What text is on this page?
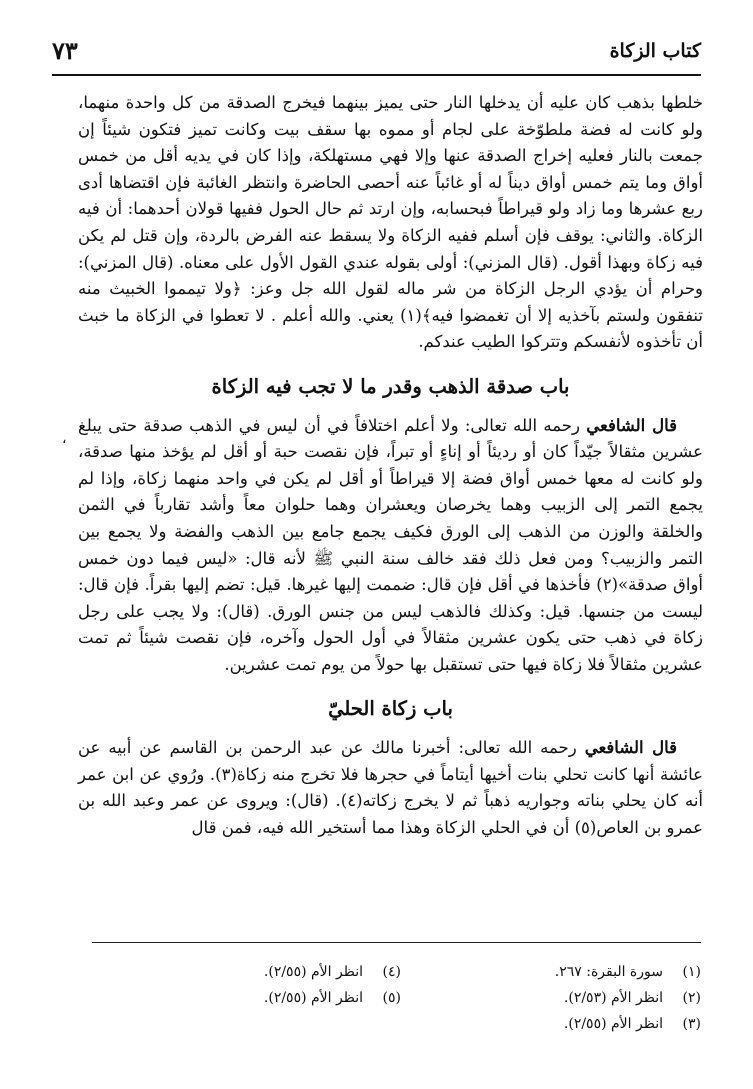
كتاب الزكاة
٧٣
،

خلطها بذهب كان عليه أن يدخلها النار حتى يميز بينهما فيخرج الصدقة من كل واحدة منهما، ولو كانت له فضة ملطوّخة على لجام أو مموه بها سقف بيت وكانت تميز فتكون شيئاً إن جمعت بالنار فعليه إخراج الصدقة عنها وإلا فهي مستهلكة، وإذا كان في يديه أقل من خمس أواق وما يتم خمس أواق ديناً له أو غائباً عنه أحصى الحاضرة وانتظر الغائبة فإن اقتضاها أدى ربع عشرها وما زاد ولو قيراطاً فبحسابه، وإن ارتد ثم حال الحول ففيها قولان أحدهما: أن فيه الزكاة. والثاني: يوقف فإن أسلم ففيه الزكاة ولا يسقط عنه الفرض بالردة، وإن قتل لم يكن فيه زكاة وبهذا أقول. (قال المزني): أولى بقوله عندي القول الأول على معناه. (قال المزني): وحرام أن يؤدي الرجل الزكاة من شر ماله لقول الله جل وعز: ﴿ولا تيمموا الخبيث منه تنفقون ولستم بآخذيه إلا أن تغمضوا فيه﴾(١) يعني. والله أعلم . لا تعطوا في الزكاة ما خبث أن تأخذوه لأنفسكم وتتركوا الطيب عندكم.

باب صدقة الذهب وقدر ما لا تجب فيه الزكاة

قال الشافعي رحمه الله تعالى: ولا أعلم اختلافاً في أن ليس في الذهب صدقة حتى يبلغ عشرين مثقالاً جيّداً كان أو رديئاً أو إناءٍ أو تبراً، فإن نقصت حبة أو أقل لم يؤخذ منها صدقة، ولو كانت له معها خمس أواق فضة إلا قيراطاً أو أقل لم يكن في واحد منهما زكاة، وإذا لم يجمع التمر إلى الزبيب وهما يخرصان ويعشران وهما حلوان معاً وأشد تقارباً في الثمن والخلقة والوزن من الذهب إلى الورق فكيف يجمع جامع بين الذهب والفضة ولا يجمع بين التمر والزبيب؟ ومن فعل ذلك فقد خالف سنة النبي ﷺ لأنه قال: «ليس فيما دون خمس أواق صدقة»(٢) فأخذها في أقل فإن قال: ضممت إليها غيرها. قيل: تضم إليها بقراً. فإن قال: ليست من جنسها. قيل: وكذلك فالذهب ليس من جنس الورق. (قال): ولا يجب على رجل زكاة في ذهب حتى يكون عشرين مثقالاً في أول الحول وآخره، فإن نقصت شيئاً ثم تمت عشرين مثقالاً فلا زكاة فيها حتى تستقبل بها حولاً من يوم تمت عشرين.

باب زكاة الحليّ

قال الشافعي رحمه الله تعالى: أخبرنا مالك عن عبد الرحمن بن القاسم عن أبيه عن عائشة أنها كانت تحلي بنات أخيها أيتاماً في حجرها فلا تخرج منه زكاة(٣). ورُوي عن ابن عمر أنه كان يحلي بناته وجواريه ذهباً ثم لا يخرج زكاته(٤). (قال): ويروى عن عمر وعبد الله بن عمرو بن العاص(٥) أن في الحلي الزكاة وهذا مما أستخير الله فيه، فمن قال

(١)سورة البقرة: ٢٦٧.
(٢)انظر الأم (٢/٥٣).
(٣)انظر الأم (٢/٥٥).
(٤)انظر الأم (٢/٥٥).
(٥)انظر الأم (٢/٥٥).
